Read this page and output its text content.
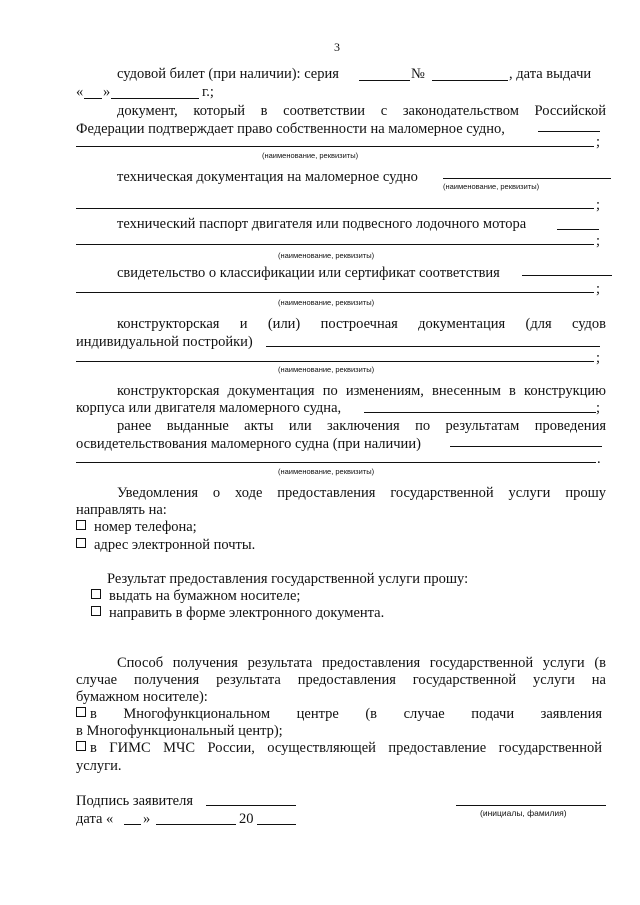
3
судовой билет (при наличии): серия	№	, дата выдачи
« »	г.;
документ, который в соответствии с законодательством Российской
Федерации подтверждает право собственности на маломерное судно,
;
(наименование, реквизиты)
техническая документация на маломерное судно
(наименование, реквизиты)
;
технический паспорт двигателя или подвесного лодочного мотора
;
(наименование, реквизиты)
свидетельство о классификации или сертификат соответствия
;
(наименование, реквизиты)
конструкторская и (или) построечная документация (для судов
индивидуальной постройки)
;
(наименование, реквизиты)
конструкторская документация по изменениям, внесенным в конструкцию
корпуса или двигателя маломерного судна,	;
ранее выданные акты или заключения по результатам проведения
освидетельствования маломерного судна (при наличии)
.
(наименование, реквизиты)
Уведомления о ходе предоставления государственной услуги прошу
направлять на:
номер телефона;
адрес электронной почты.
Результат предоставления государственной услуги прошу:
выдать на бумажном носителе;
направить в форме электронного документа.
Способ получения результата предоставления государственной услуги (в
случае получения результата предоставления государственной услуги на
бумажном носителе):
в Многофункциональном центре (в случае подачи заявления
в Многофункциональный центр);
в ГИМС МЧС России, осуществляющей предоставление государственной
услуги.
Подпись заявителя
(инициалы, фамилия)
дата « »	20
